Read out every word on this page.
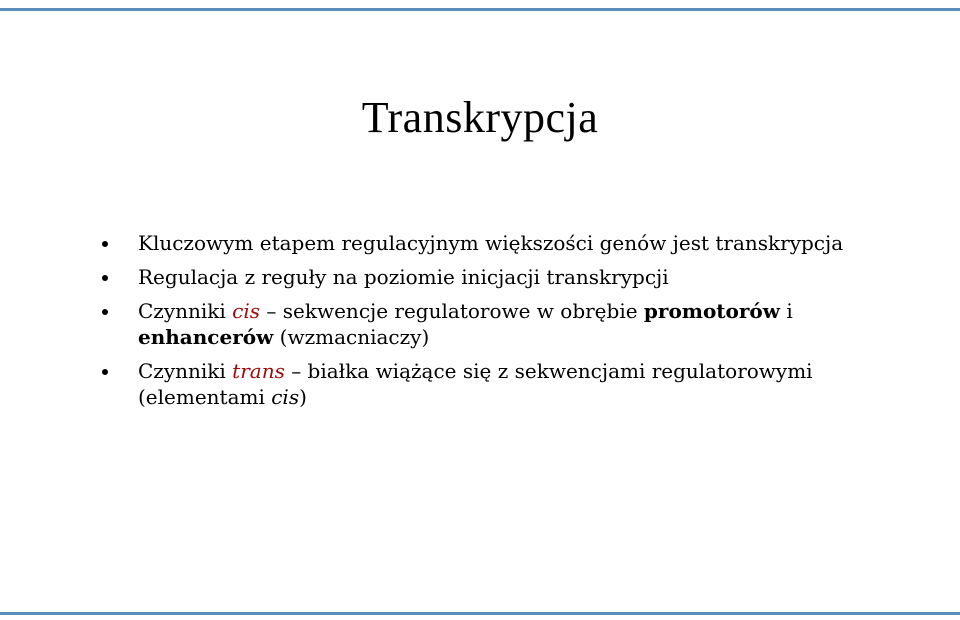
Transkrypcja
Kluczowym etapem regulacyjnym większości genów jest transkrypcja
Regulacja z reguły na poziomie inicjacji transkrypcji
Czynniki cis – sekwencje regulatorowe w obrębie promotorów i enhancerów (wzmacniaczy)
Czynniki trans – białka wiążące się z sekwencjami regulatorowymi (elementami cis)
